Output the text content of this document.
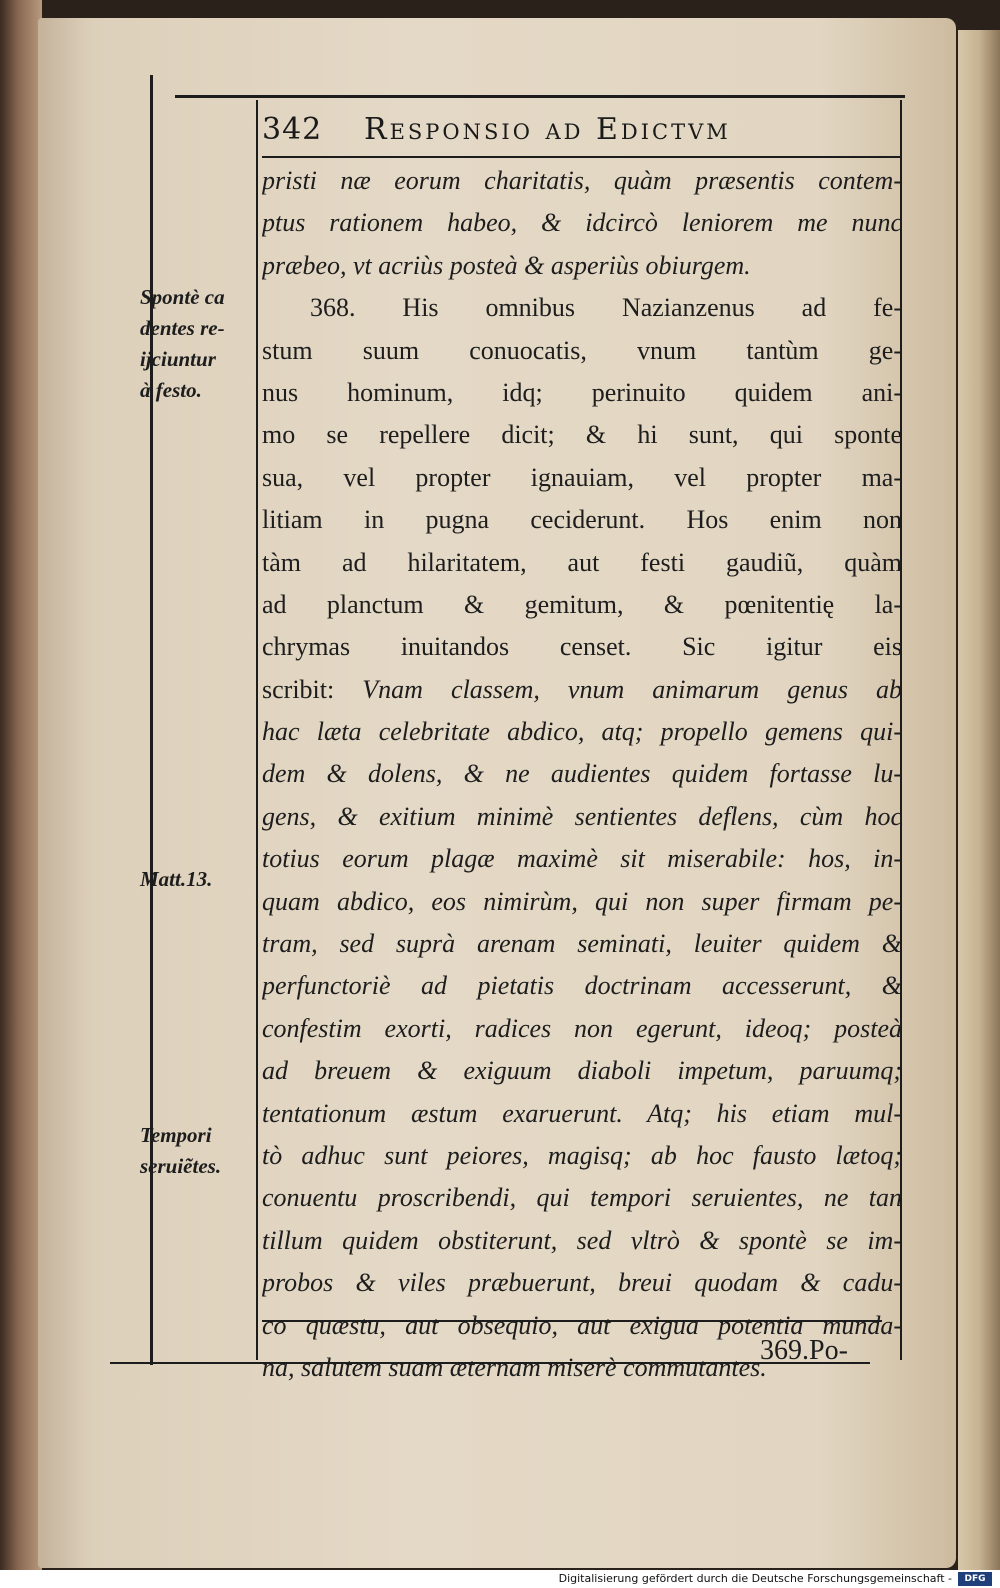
342 Responsio ad Edictvm
pristi næ eorum charitatis, quàm præsentis contem-
ptus rationem habeo, & idcircò leniorem me nunc
præbeo, vt acriùs posteà & asperiùs obiurgem.
368. His omnibus Nazianzenus ad fe-
stum suum conuocatis, vnum tantùm ge-
nus hominum, idq; perinuito quidem ani-
mo se repellere dicit; & hi sunt, qui sponte
sua, vel propter ignauiam, vel propter ma-
litiam in pugna ceciderunt. Hos enim non
tàm ad hilaritatem, aut festi gaudiũ, quàm
ad planctum & gemitum, & pœnitentię la-
chrymas inuitandos censet. Sic igitur eis
scribit: Vnam classem, vnum animarum genus ab
hac læta celebritate abdico, atq; propello gemens qui-
dem & dolens, & ne audientes quidem fortasse lu-
gens, & exitium minimè sentientes deflens, cùm hoc
totius eorum plagæ maximè sit miserabile: hos, in-
quam abdico, eos nimirùm, qui non super firmam pe-
tram, sed suprà arenam seminati, leuiter quidem &
perfunctoriè ad pietatis doctrinam accesserunt, &
confestim exorti, radices non egerunt, ideoq; posteà
ad breuem & exiguum diaboli impetum, paruumq;
tentationum æstum exaruerunt. Atq; his etiam mul-
tò adhuc sunt peiores, magisq; ab hoc fausto lætoq;
conuentu proscribendi, qui tempori seruientes, ne tan
tillum quidem obstiterunt, sed vltrò & spontè se im-
probos & viles præbuerunt, breui quodam & cadu-
co quæstu, aut obsequio, aut exigua potentia munda-
na, salutem suam æternam miserè commutantes.
Spontè ca
dentes re-
ijciuntur
à festo.
Matt.13.
Tempori
seruiẽtes.
369.Po-
Digitalisierung gefördert durch die Deutsche Forschungsgemeinschaft -	DFG
